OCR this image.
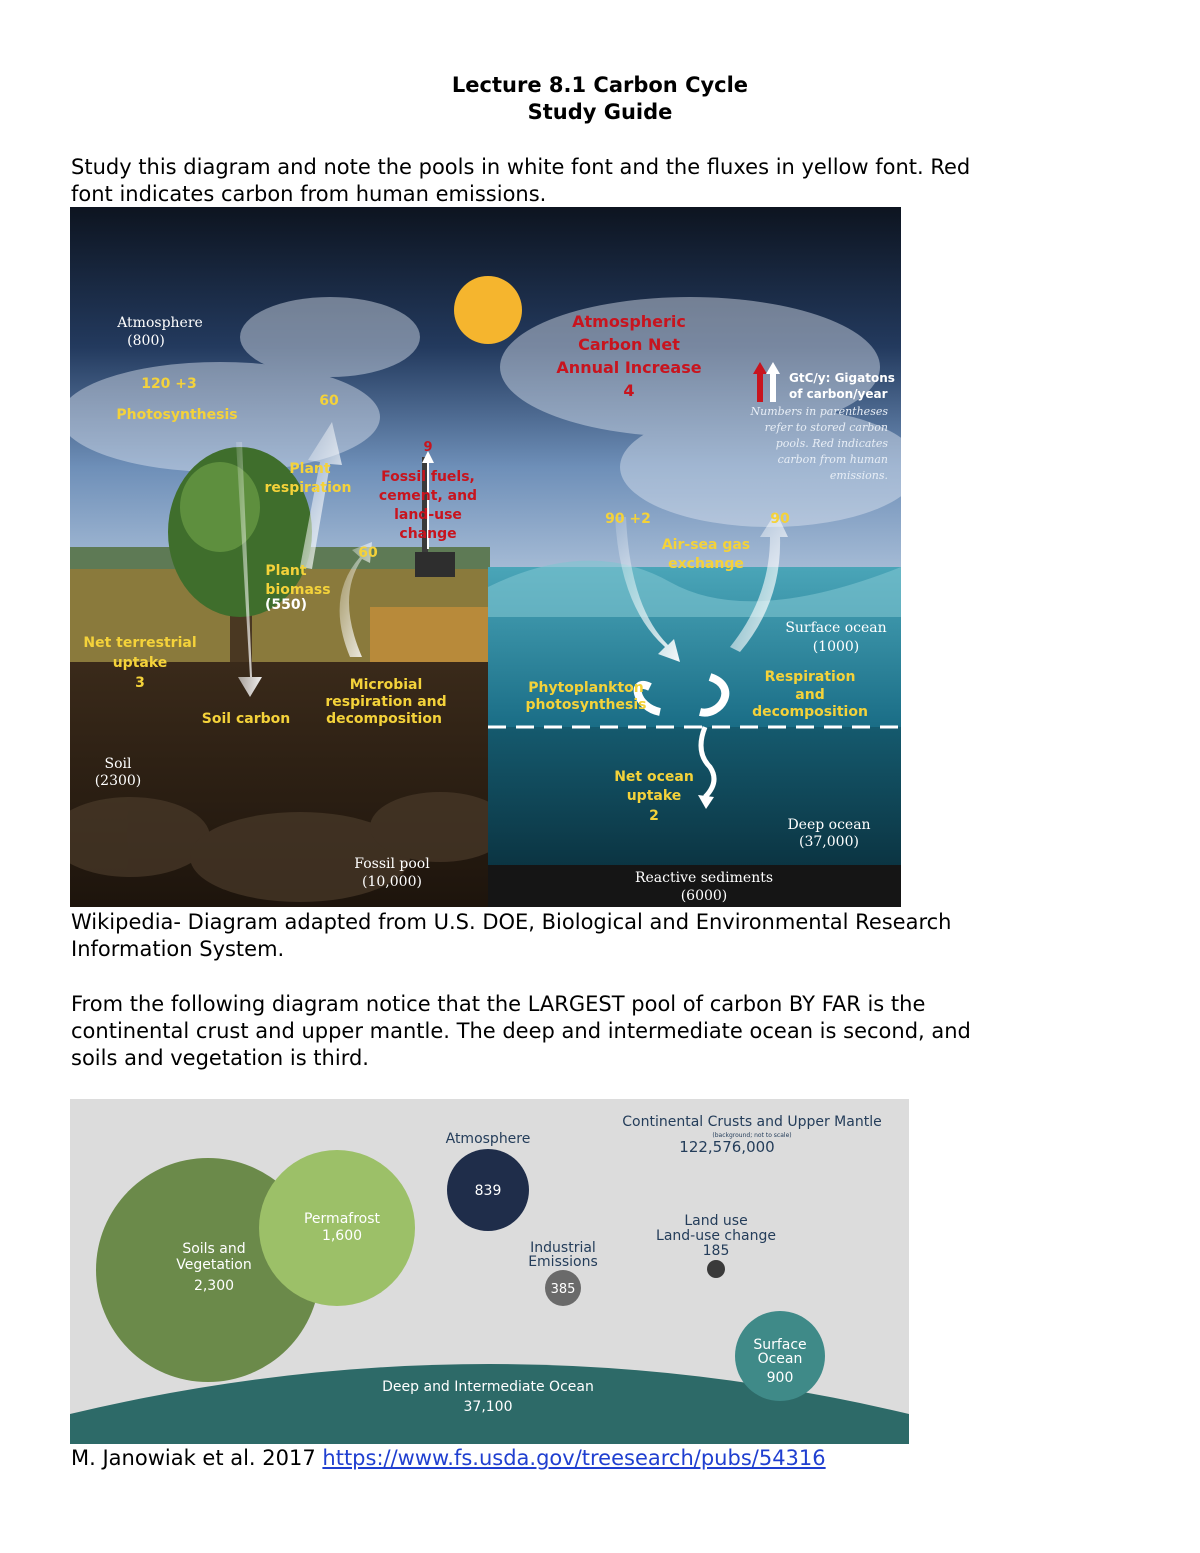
Lecture 8.1 Carbon Cycle
Study Guide
Study this diagram and note the pools in white font and the fluxes in yellow font. Red
font indicates carbon from human emissions.
Atmosphere
(800)
Soil
(2300)
Surface ocean
(1000)
Deep ocean
(37,000)
Fossil pool
(10,000)	Reactive sediments
(6000)
(550)
120 +3
Photosynthesis
60
Plant
respiration
60
Plant
biomass
Net terrestrial
uptake
3
Soil carbon
Microbial
respiration and
decomposition
90 +2	90
Air-sea gas
exchange
Phytoplankton
photosynthesis
Respiration
and
decomposition
Net ocean
uptake
2
9
Fossil fuels,
cement, and
land-use
change
Atmospheric
Carbon Net
Annual Increase
4
GtC/y: Gigatons
of carbon/year
Numbers in parentheses
refer to stored carbon
pools. Red indicates
carbon from human
emissions.
Wikipedia- Diagram adapted from U.S. DOE, Biological and Environmental Research
Information System.
From the following diagram notice that the LARGEST pool of carbon BY FAR is the
continental crust and upper mantle. The deep and intermediate ocean is second, and
soils and vegetation is third.
Continental Crusts and Upper Mantle
(background; not to scale)
122,576,000
Atmosphere
839
Industrial
Emissions
385
Land use
Land-use change
185
Soils and
Vegetation
2,300
Permafrost
1,600
Surface
Ocean
900
Deep and Intermediate Ocean
37,100
M. Janowiak et al. 2017 https://www.fs.usda.gov/treesearch/pubs/54316
